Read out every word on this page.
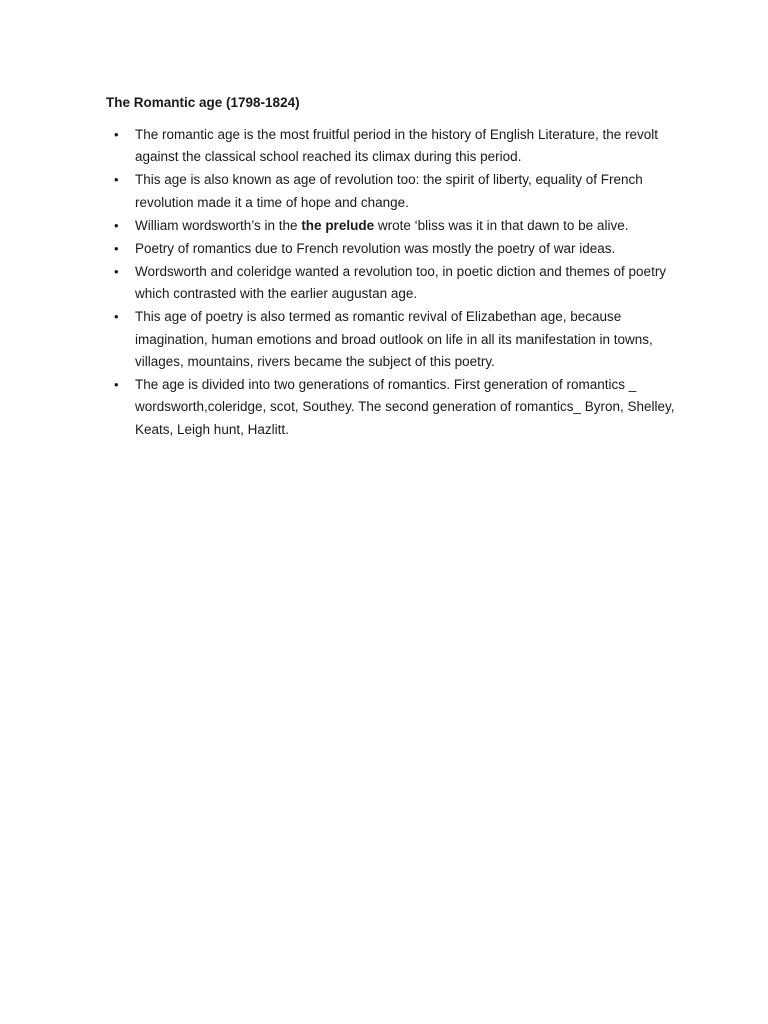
The Romantic age (1798-1824)
•	The romantic age is the most fruitful period in the history of English Literature, the revolt against the classical school reached its climax during this period.
•	This age is also known as age of revolution too: the spirit of liberty, equality of French revolution made it a time of hope and change.
•	William wordsworth’s in the the prelude wrote ‘bliss was it in that dawn to be alive.
•	Poetry of romantics due to French revolution was mostly the poetry of war ideas.
•	Wordsworth and coleridge wanted a revolution too, in poetic diction and themes of poetry which contrasted with the earlier augustan age.
•	This age of poetry is also termed as romantic revival of Elizabethan age, because imagination, human emotions and broad outlook on life in all its manifestation in towns, villages, mountains, rivers became the subject of this poetry.
•	The age is divided into two generations of romantics. First generation of romantics _ wordsworth,coleridge, scot, Southey. The second generation of romantics_ Byron, Shelley, Keats, Leigh hunt, Hazlitt.
